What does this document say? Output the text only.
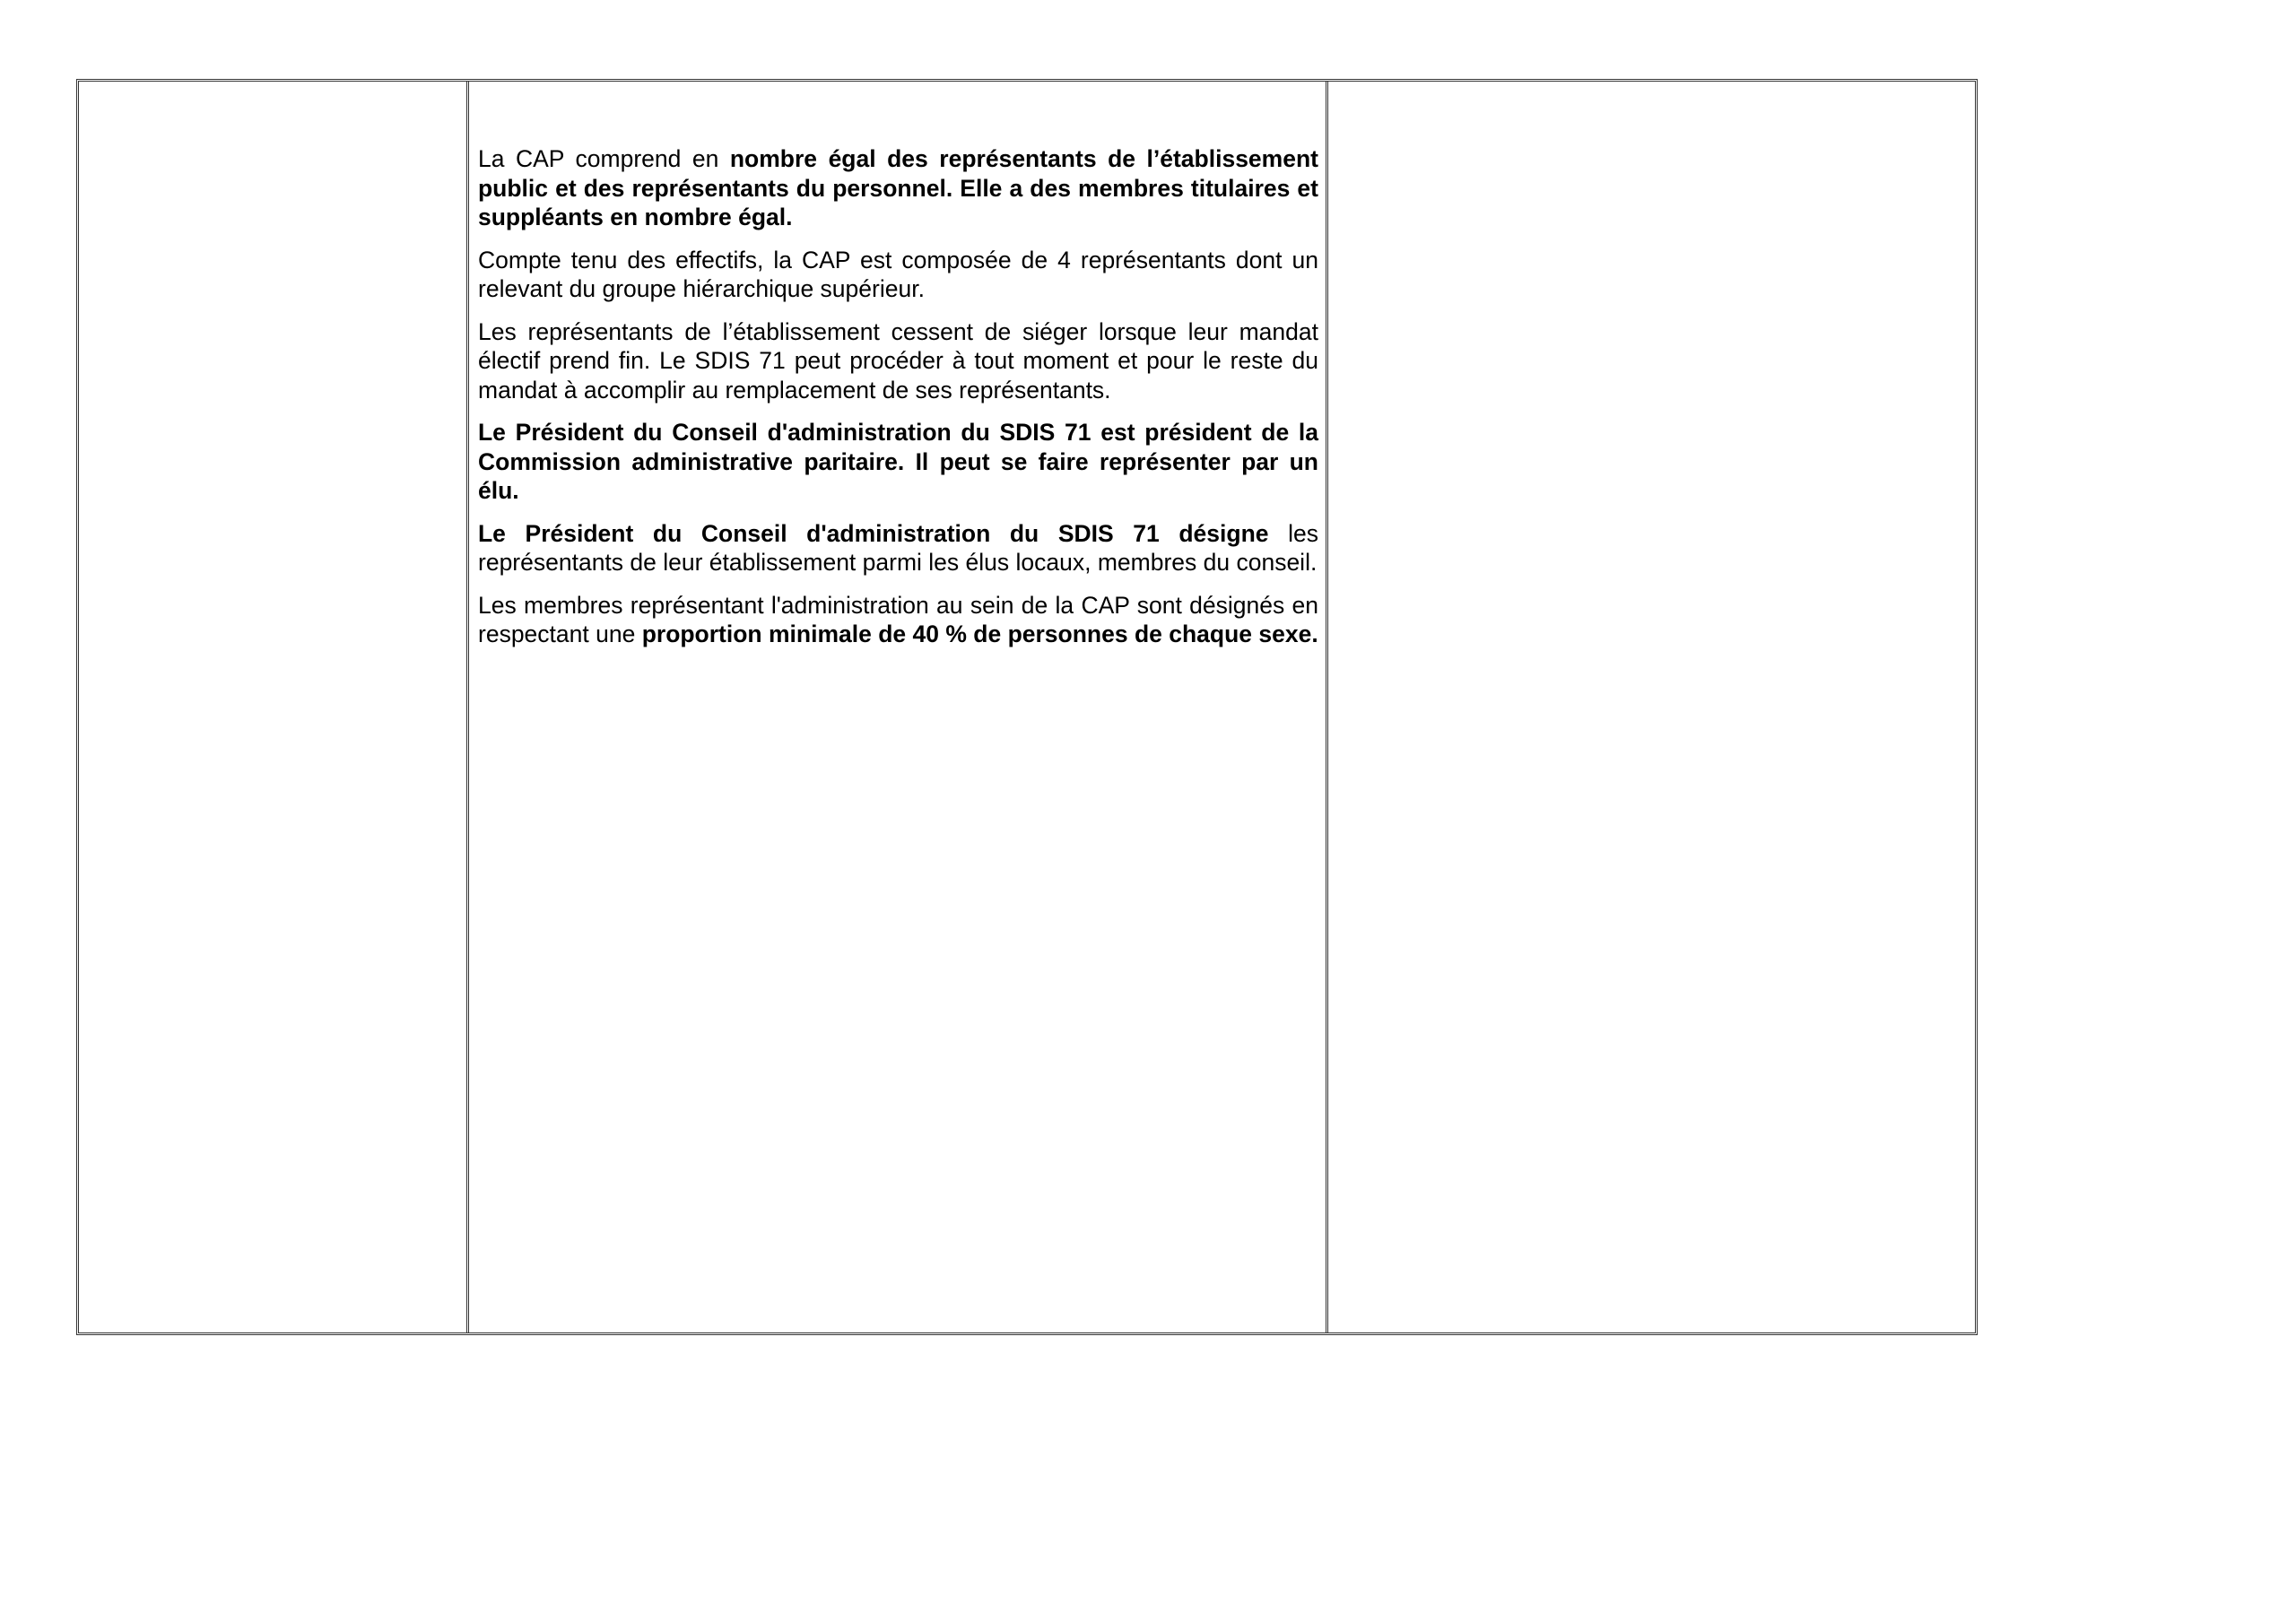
La CAP comprend en nombre égal des représentants de l’établissement public et des représentants du personnel. Elle a des membres titulaires et suppléants en nombre égal.

Compte tenu des effectifs, la CAP est composée de 4 représentants dont un relevant du groupe hiérarchique supérieur.

Les représentants de l’établissement cessent de siéger lorsque leur mandat électif prend fin. Le SDIS 71 peut procéder à tout moment et pour le reste du mandat à accomplir au remplacement de ses représentants.

Le Président du Conseil d'administration du SDIS 71 est président de la Commission administrative paritaire. Il peut se faire représenter par un élu.

Le Président du Conseil d'administration du SDIS 71 désigne les représentants de leur établissement parmi les élus locaux, membres du conseil.

Les membres représentant l'administration au sein de la CAP sont désignés en respectant une proportion minimale de 40 % de personnes de chaque sexe.
